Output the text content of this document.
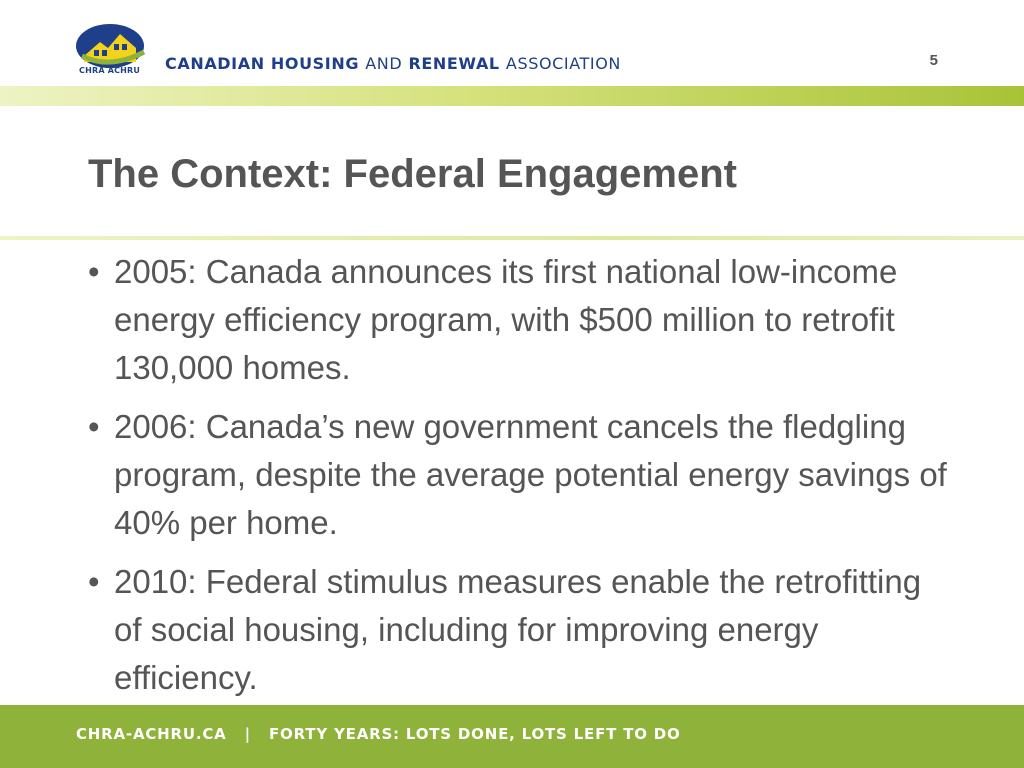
CHRA ACHRU CANADIAN HOUSING AND RENEWAL ASSOCIATION	5
The Context: Federal Engagement
• 2005: Canada announces its first national low-income energy efficiency program, with $500 million to retrofit 130,000 homes.
• 2006: Canada’s new government cancels the fledgling program, despite the average potential energy savings of 40% per home.
• 2010: Federal stimulus measures enable the retrofitting of social housing, including for improving energy efficiency.
CHRA-ACHRU.CA | FORTY YEARS: LOTS DONE, LOTS LEFT TO DO
